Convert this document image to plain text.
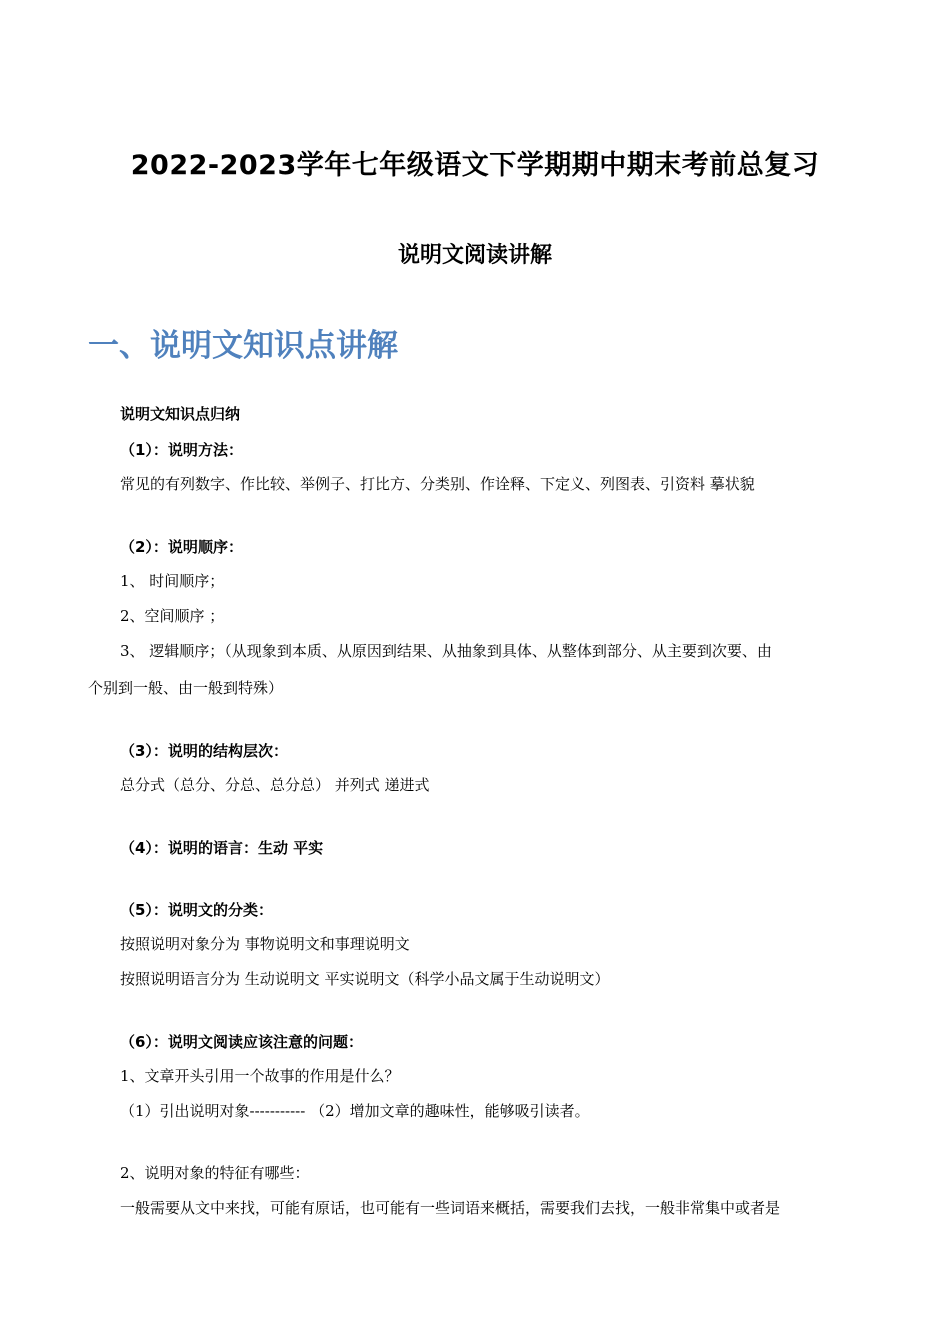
2022-2023学年七年级语文下学期期中期末考前总复习
说明文阅读讲解
一、说明文知识点讲解
说明文知识点归纳
（1）：说明方法：
常见的有列数字、作比较、举例子、打比方、分类别、作诠释、下定义、列图表、引资料 摹状貌
（2）：说明顺序：
1、 时间顺序；
2、空间顺序 ；
3、 逻辑顺序；（从现象到本质、从原因到结果、从抽象到具体、从整体到部分、从主要到次要、由
个别到一般、由一般到特殊）
（3）：说明的结构层次：
总分式（总分、分总、总分总） 并列式 递进式
（4）：说明的语言：生动 平实
（5）：说明文的分类：
按照说明对象分为 事物说明文和事理说明文
按照说明语言分为 生动说明文 平实说明文（科学小品文属于生动说明文）
（6）：说明文阅读应该注意的问题：
1、文章开头引用一个故事的作用是什么？
（1）引出说明对象----------- （2）增加文章的趣味性，能够吸引读者。
2、说明对象的特征有哪些：
一般需要从文中来找，可能有原话，也可能有一些词语来概括，需要我们去找，一般非常集中或者是
